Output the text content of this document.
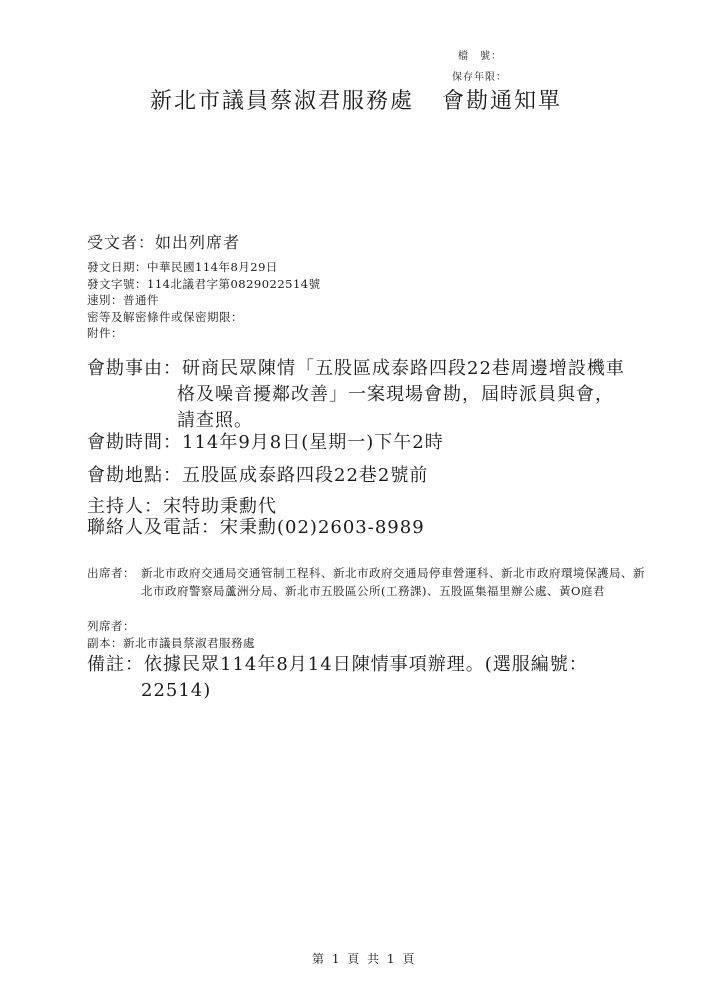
檔　號：
保存年限：
新北市議員蔡淑君服務處 會勘通知單
受文者：如出列席者
發文日期：中華民國114年8月29日
發文字號：114北議君字第0829022514號
速別：普通件
密等及解密條件或保密期限：
附件：
會勘事由：研商民眾陳情「五股區成泰路四段22巷周邊增設機車
格及噪音擾鄰改善」一案現場會勘，屆時派員與會，
請查照。
會勘時間：114年9月8日(星期一)下午2時
會勘地點：五股區成泰路四段22巷2號前
主持人：宋特助秉勳代
聯絡人及電話：宋秉勳(02)2603-8989
出席者： 新北市政府交通局交通管制工程科、新北市政府交通局停車營運科、新北市政府環境保護局、新北市政府警察局蘆洲分局、新北市五股區公所(工務課)、五股區集福里辦公處、黃O庭君
列席者：
副本：新北市議員蔡淑君服務處
備註：依據民眾114年8月14日陳情事項辦理。(選服編號：
22514)
第 1 頁 共 1 頁
